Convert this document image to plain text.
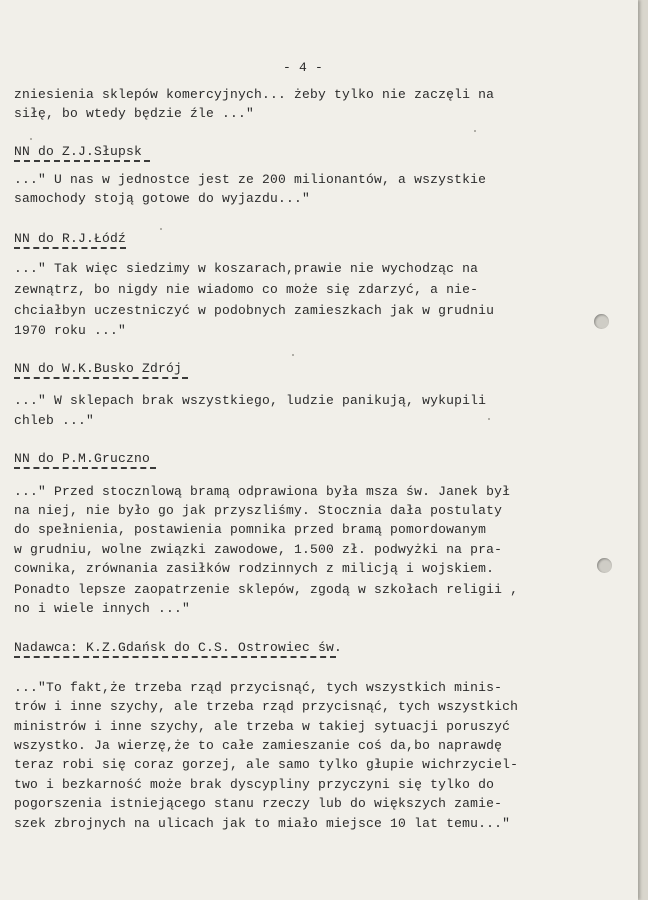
- 4 -

zniesienia sklepów komercyjnych... żeby tylko nie zaczęli na

siłę, bo wtedy będzie źle ..."

NN do Z.J.Słupsk

..." U nas w jednostce jest ze 200 milionantów, a wszystkie

samochody stoją gotowe do wyjazdu..."

NN do R.J.Łódź

..." Tak więc siedzimy w koszarach,prawie nie wychodząc na

zewnątrz, bo nigdy nie wiadomo co może się zdarzyć, a nie-

chciałbyn uczestniczyć w podobnych zamieszkach jak w grudniu

1970 roku ..."

NN do W.K.Busko Zdrój

..." W sklepach brak wszystkiego, ludzie panikują, wykupili

chleb ..."

NN do P.M.Gruczno

..." Przed stocznlową bramą odprawiona była msza św. Janek był

na niej, nie było go jak przyszliśmy. Stocznia dała postulaty

do spełnienia, postawienia pomnika przed bramą pomordowanym

w grudniu, wolne związki zawodowe, 1.500 zł. podwyżki na pra-

cownika, zrównania zasiłków rodzinnych z milicją i wojskiem.

Ponadto lepsze zaopatrzenie sklepów, zgodą w szkołach religii ,

no i wiele innych ..."

Nadawca: K.Z.Gdańsk do C.S. Ostrowiec św.

..."To fakt,że trzeba rząd przycisnąć, tych wszystkich minis-

trów i inne szychy, ale trzeba rząd przycisnąć, tych wszystkich

ministrów i inne szychy, ale trzeba w takiej sytuacji poruszyć

wszystko. Ja wierzę,że to całe zamieszanie coś da,bo naprawdę

teraz robi się coraz gorzej, ale samo tylko głupie wichrzyciel-

two i bezkarność może brak dyscypliny przyczyni się tylko do

pogorszenia istniejącego stanu rzeczy lub do większych zamie-

szek zbrojnych na ulicach jak to miało miejsce 10 lat temu..."
